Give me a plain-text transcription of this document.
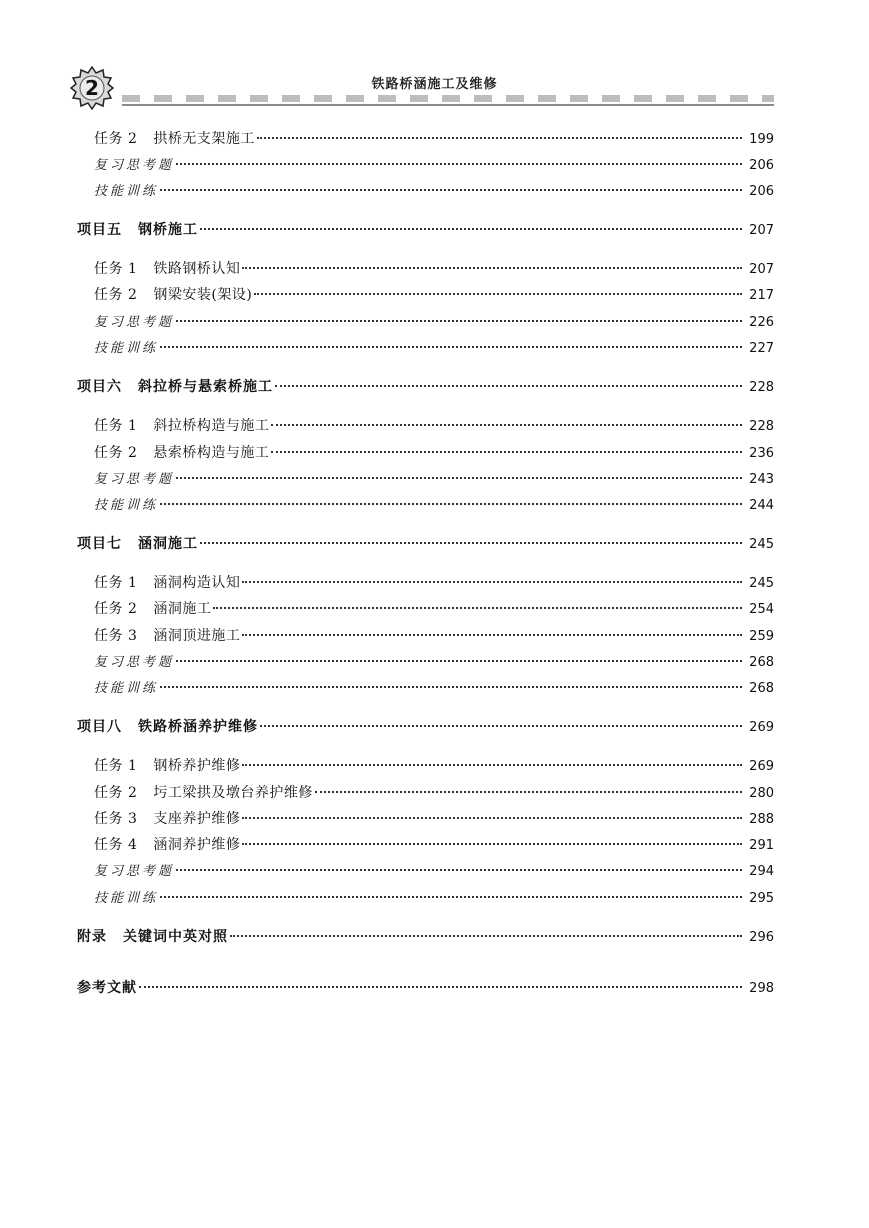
2	铁路桥涵施工及维修
任务 2 拱桥无支架施工	199
复习思考题	206
技能训练	206
项目五 钢桥施工	207
任务 1 铁路钢桥认知	207
任务 2 钢梁安装(架设)	217
复习思考题	226
技能训练	227
项目六 斜拉桥与悬索桥施工	228
任务 1 斜拉桥构造与施工	228
任务 2 悬索桥构造与施工	236
复习思考题	243
技能训练	244
项目七 涵洞施工	245
任务 1 涵洞构造认知	245
任务 2 涵洞施工	254
任务 3 涵洞顶进施工	259
复习思考题	268
技能训练	268
项目八 铁路桥涵养护维修	269
任务 1 钢桥养护维修	269
任务 2 圬工梁拱及墩台养护维修	280
任务 3 支座养护维修	288
任务 4 涵洞养护维修	291
复习思考题	294
技能训练	295
附录 关键词中英对照	296
参考文献	298
